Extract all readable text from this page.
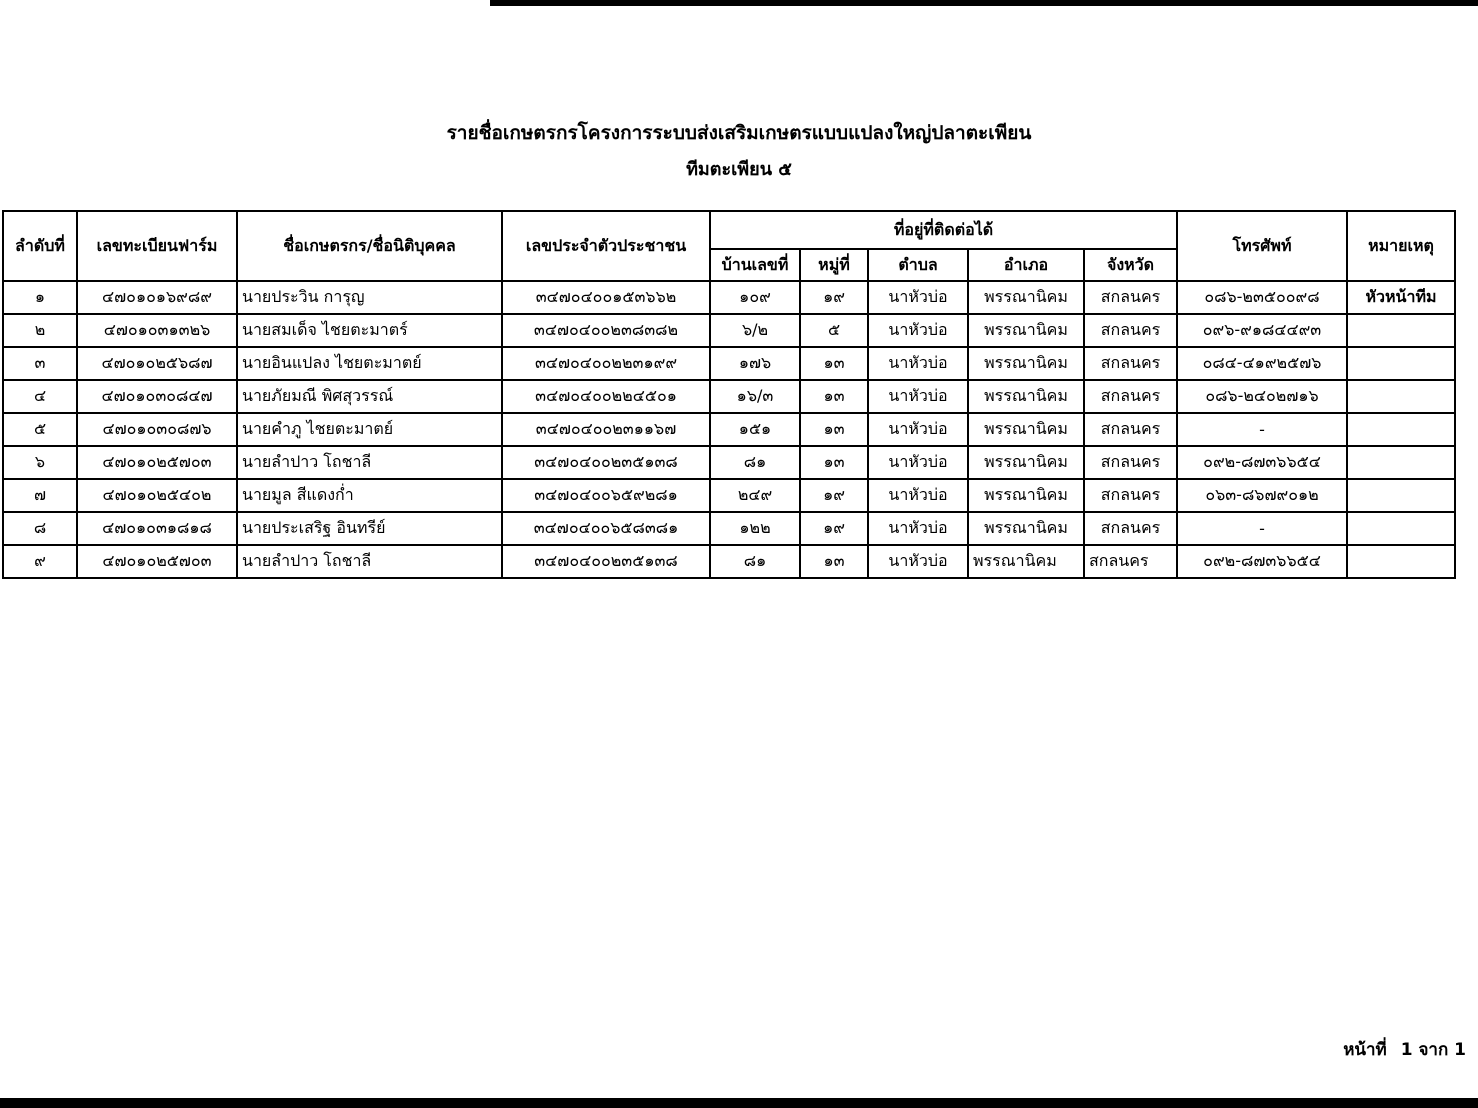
รายชื่อเกษตรกรโครงการระบบส่งเสริมเกษตรแบบแปลงใหญ่ปลาตะเพียน
ทีมตะเพียน ๕
ลำดับที่	เลขทะเบียนฟาร์ม	ชื่อเกษตรกร/ชื่อนิติบุคคล	เลขประจำตัวประชาชน	ที่อยู่ที่ติดต่อได้					โทรศัพท์	หมายเหตุ
				บ้านเลขที่	หมู่ที่	ตำบล	อำเภอ	จังหวัด		
๑	๔๗๐๑๐๑๖๙๘๙	นายประวิน การุญ	๓๔๗๐๔๐๐๑๕๓๖๖๒	๑๐๙	๑๙	นาหัวบ่อ	พรรณานิคม	สกลนคร	๐๘๖-๒๓๕๐๐๙๘	หัวหน้าทีม
๒	๔๗๐๑๐๓๑๓๒๖	นายสมเด็จ ไชยตะมาตร์	๓๔๗๐๔๐๐๒๓๘๓๘๒	๖/๒	๕	นาหัวบ่อ	พรรณานิคม	สกลนคร	๐๙๖-๙๑๘๔๔๙๓	
๓	๔๗๐๑๐๒๕๖๘๗	นายอินแปลง ไชยตะมาตย์	๓๔๗๐๔๐๐๒๒๓๑๙๙	๑๗๖	๑๓	นาหัวบ่อ	พรรณานิคม	สกลนคร	๐๘๔-๔๑๙๒๕๗๖	
๔	๔๗๐๑๐๓๐๘๔๗	นายภัยมณี พิศสุวรรณ์	๓๔๗๐๔๐๐๒๒๔๕๐๑	๑๖/๓	๑๓	นาหัวบ่อ	พรรณานิคม	สกลนคร	๐๘๖-๒๔๐๒๗๑๖	
๕	๔๗๐๑๐๓๐๘๗๖	นายคำภู ไชยตะมาตย์	๓๔๗๐๔๐๐๒๓๑๑๖๗	๑๕๑	๑๓	นาหัวบ่อ	พรรณานิคม	สกลนคร	-	
๖	๔๗๐๑๐๒๕๗๐๓	นายลำปาว โถชาลี	๓๔๗๐๔๐๐๒๓๕๑๓๘	๘๑	๑๓	นาหัวบ่อ	พรรณานิคม	สกลนคร	๐๙๒-๘๗๓๖๖๕๔	
๗	๔๗๐๑๐๒๕๔๐๒	นายมูล สีแดงก่ำ	๓๔๗๐๔๐๐๖๕๙๒๘๑	๒๔๙	๑๙	นาหัวบ่อ	พรรณานิคม	สกลนคร	๐๖๓-๘๖๗๙๐๑๒	
๘	๔๗๐๑๐๓๑๘๑๘	นายประเสริฐ อินทรีย์	๓๔๗๐๔๐๐๖๕๘๓๘๑	๑๒๒	๑๙	นาหัวบ่อ	พรรณานิคม	สกลนคร	-	
๙	๔๗๐๑๐๒๕๗๐๓	นายลำปาว โถชาลี	๓๔๗๐๔๐๐๒๓๕๑๓๘	๘๑	๑๓	นาหัวบ่อ	พรรณานิคม	สกลนคร	๐๙๒-๘๗๓๖๖๕๔	
หน้าที่ 1 จาก 1
